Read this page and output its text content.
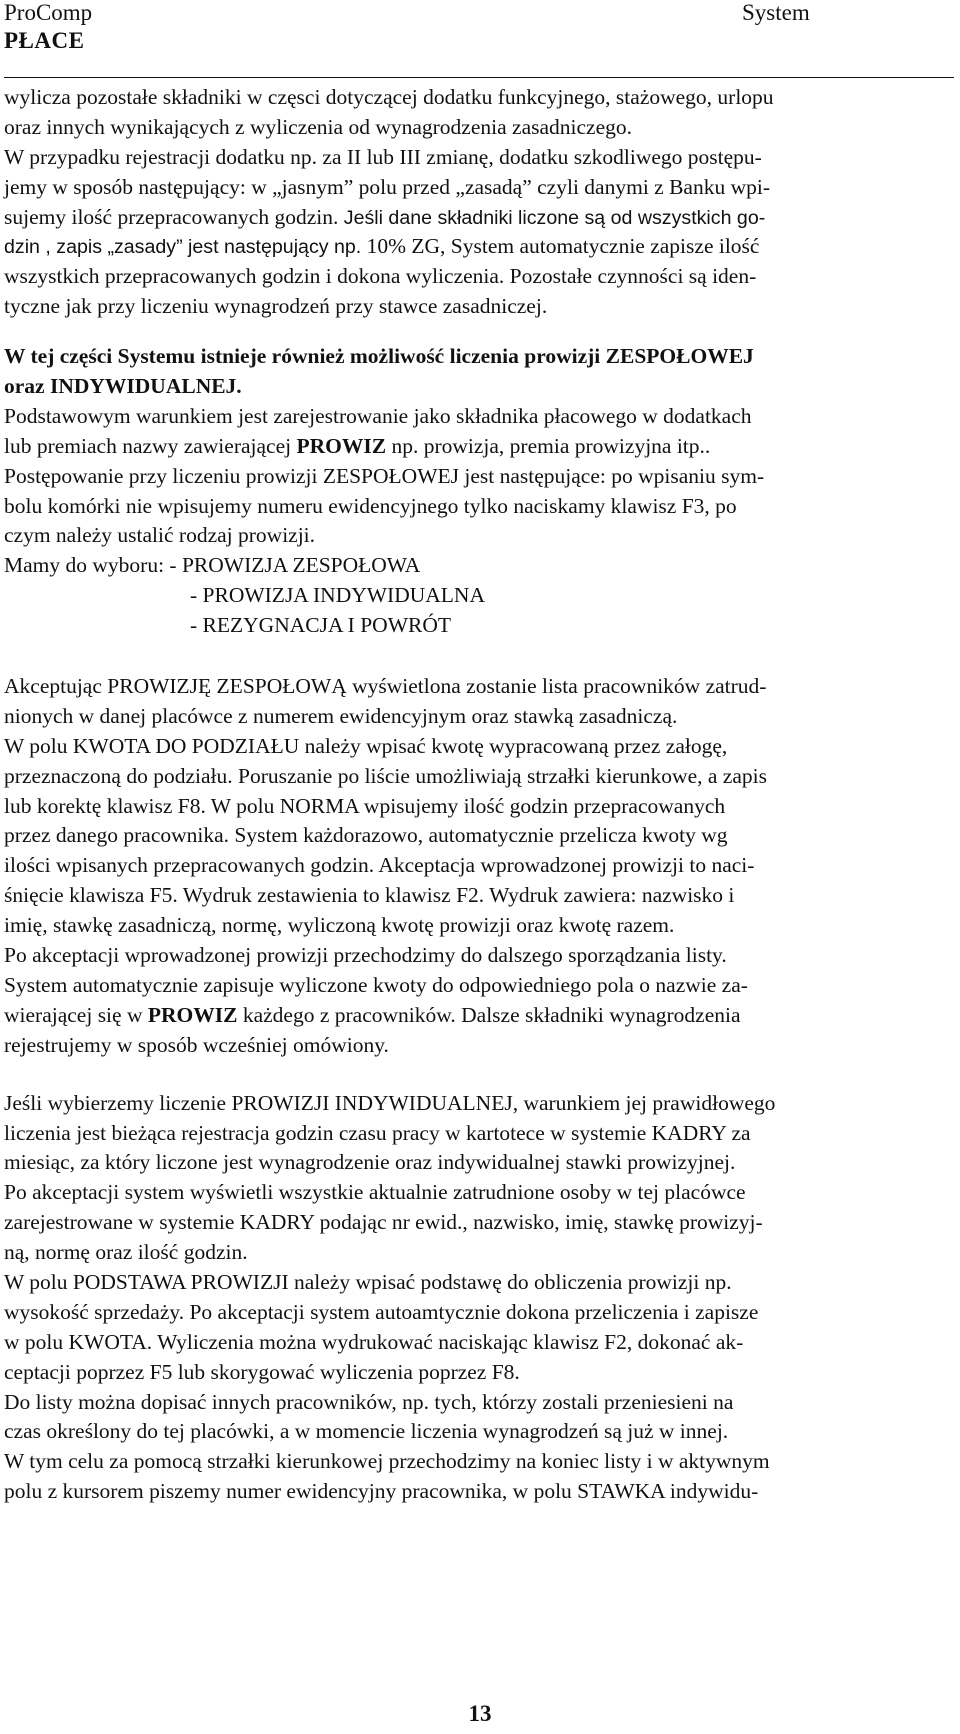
ProComp	System
PŁACE
wylicza pozostałe składniki w częsci dotyczącej dodatku funkcyjnego, stażowego, urlopu
oraz innych wynikających z wyliczenia od wynagrodzenia zasadniczego.
W przypadku rejestracji dodatku np. za II lub III zmianę, dodatku szkodliwego postępu-
jemy w sposób następujący: w „jasnym” polu przed „zasadą” czyli danymi z Banku wpi-
sujemy ilość przepracowanych godzin. Jeśli dane składniki liczone są od wszystkich go-
dzin , zapis „zasady” jest następujący np. 10% ZG, System automatycznie zapisze ilość
wszystkich przepracowanych godzin i dokona wyliczenia. Pozostałe czynności są iden-
tyczne jak przy liczeniu wynagrodzeń przy stawce zasadniczej.
W tej części Systemu istnieje również możliwość liczenia prowizji ZESPOŁOWEJ
oraz INDYWIDUALNEJ.
Podstawowym warunkiem jest zarejestrowanie jako składnika płacowego w dodatkach
lub premiach nazwy zawierającej PROWIZ np. prowizja, premia prowizyjna itp..
Postępowanie przy liczeniu prowizji ZESPOŁOWEJ jest następujące: po wpisaniu sym-
bolu komórki nie wpisujemy numeru ewidencyjnego tylko naciskamy klawisz F3, po
czym należy ustalić rodzaj prowizji.
Mamy do wyboru: - PROWIZJA ZESPOŁOWA
- PROWIZJA INDYWIDUALNA
- REZYGNACJA I POWRÓT
Akceptując PROWIZJĘ ZESPOŁOWĄ wyświetlona zostanie lista pracowników zatrud-
nionych w danej placówce z numerem ewidencyjnym oraz stawką zasadniczą.
W polu KWOTA DO PODZIAŁU należy wpisać kwotę wypracowaną przez załogę,
przeznaczoną do podziału. Poruszanie po liście umożliwiają strzałki kierunkowe, a zapis
lub korektę klawisz F8. W polu NORMA wpisujemy ilość godzin przepracowanych
przez danego pracownika. System każdorazowo, automatycznie przelicza kwoty wg
ilości wpisanych przepracowanych godzin. Akceptacja wprowadzonej prowizji to naci-
śnięcie klawisza F5. Wydruk zestawienia to klawisz F2. Wydruk zawiera: nazwisko i
imię, stawkę zasadniczą, normę, wyliczoną kwotę prowizji oraz kwotę razem.
Po akceptacji wprowadzonej prowizji przechodzimy do dalszego sporządzania listy.
System automatycznie zapisuje wyliczone kwoty do odpowiedniego pola o nazwie za-
wierającej się w PROWIZ każdego z pracowników. Dalsze składniki wynagrodzenia
rejestrujemy w sposób wcześniej omówiony.
Jeśli wybierzemy liczenie PROWIZJI INDYWIDUALNEJ, warunkiem jej prawidłowego
liczenia jest bieżąca rejestracja godzin czasu pracy w kartotece w systemie KADRY za
miesiąc, za który liczone jest wynagrodzenie oraz indywidualnej stawki prowizyjnej.
Po akceptacji system wyświetli wszystkie aktualnie zatrudnione osoby w tej placówce
zarejestrowane w systemie KADRY podając nr ewid., nazwisko, imię, stawkę prowizyj-
ną, normę oraz ilość godzin.
W polu PODSTAWA PROWIZJI należy wpisać podstawę do obliczenia prowizji np.
wysokość sprzedaży. Po akceptacji system autoamtycznie dokona przeliczenia i zapisze
w polu KWOTA. Wyliczenia można wydrukować naciskając klawisz F2, dokonać ak-
ceptacji poprzez F5 lub skorygować wyliczenia poprzez F8.
Do listy można dopisać innych pracowników, np. tych, którzy zostali przeniesieni na
czas określony do tej placówki, a w momencie liczenia wynagrodzeń są już w innej.
W tym celu za pomocą strzałki kierunkowej przechodzimy na koniec listy i w aktywnym
polu z kursorem piszemy numer ewidencyjny pracownika, w polu STAWKA indywidu-
13
